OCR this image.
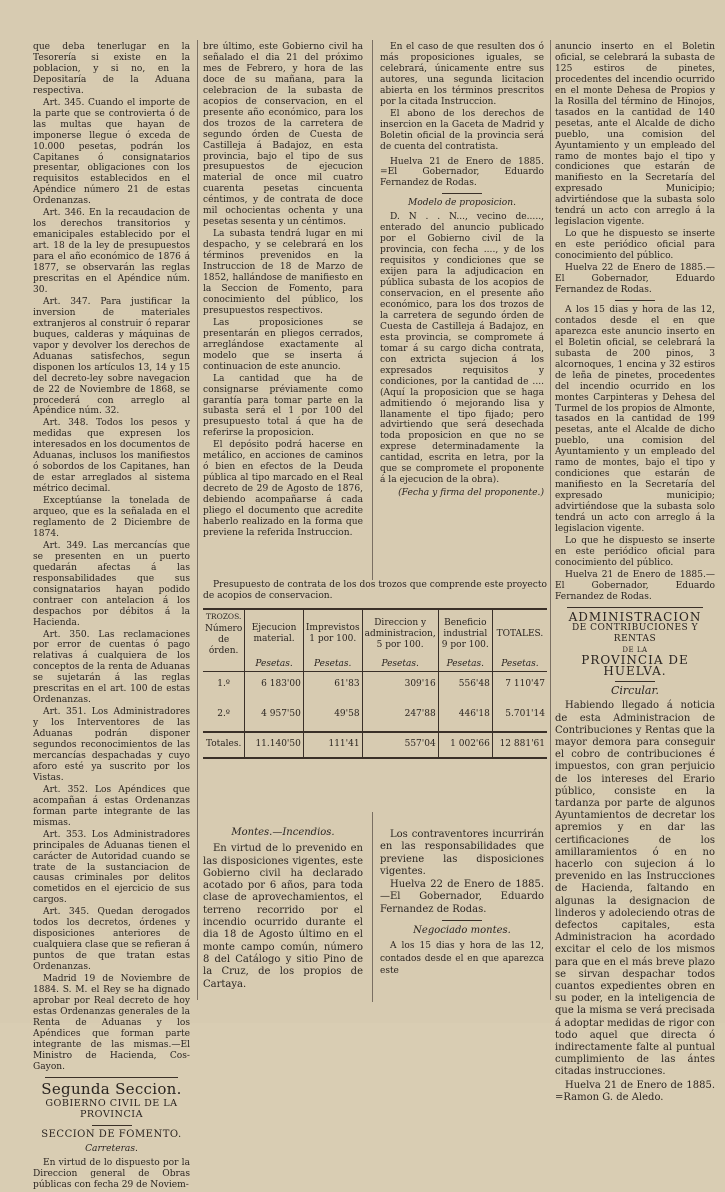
que deba tenerlugar en la Tesorería si existe en la poblacion, y si no, en la Depositaría de la Aduana respectiva.

Art. 345. Cuando el importe de la parte que se controvierta ó de las multas que hayan de imponerse llegue ó exceda de 10.000 pesetas, podrán los Capitanes ó consignatarios presentar, obligaciones con los requisitos establecidos en el Apéndice número 21 de estas Ordenanzas.

Art. 346. En la recaudacion de los derechos transitorios y emanicipales establecido por el art. 18 de la ley de presupuestos para el año económico de 1876 á 1877, se observarán las reglas prescritas en el Apéndice núm. 30.

Art. 347. Para justificar la inversion de materiales extranjeros al construir ó reparar buques, calderas y máquinas de vapor y devolver los derechos de Aduanas satisfechos, segun disponen los artículos 13, 14 y 15 del decreto-ley sobre navegacion de 22 de Noviembre de 1868, se procederá con arreglo al Apéndice núm. 32.

Art. 348. Todos los pesos y medidas que expresen los interesados en los documentos de Aduanas, inclusos los manifiestos ó sobordos de los Capitanes, han de estar arreglados al sistema métrico decimal.

Exceptúanse la tonelada de arqueo, que es la señalada en el reglamento de 2 Diciembre de 1874.

Art. 349. Las mercancías que se presenten en un puerto quedarán afectas á las responsabilidades que sus consignatarios hayan podido contraer con antelacion á los despachos por débitos á la Hacienda.

Art. 350. Las reclamaciones por error de cuentas ó pago relativas á cualquiera de los conceptos de la renta de Aduanas se sujetarán á las reglas prescritas en el art. 100 de estas Ordenanzas.

Art. 351. Los Administradores y los Interventores de las Aduanas podrán disponer segundos reconocimientos de las mercancías despachadas y cuyo aforo esté ya suscrito por los Vistas.

Art. 352. Los Apéndices que acompañan á estas Ordenanzas forman parte integrante de las mismas.

Art. 353. Los Administradores principales de Aduanas tienen el carácter de Autoridad cuando se trate de la sustanciacion de causas criminales por delitos cometidos en el ejercicio de sus cargos.

Art. 345. Quedan derogados todos los decretos, órdenes y disposiciones anteriores de cualquiera clase que se refieran á puntos de que tratan estas Ordenanzas.

Madrid 19 de Noviembre de 1884. S. M. el Rey se ha dignado aprobar por Real decreto de hoy estas Ordenanzas generales de la Renta de Aduanas y los Apéndices que forman parte integrante de las mismas.—El Ministro de Hacienda, Cos-Gayon.

Segunda Seccion.
GOBIERNO CIVIL DE LA PROVINCIA
SECCION DE FOMENTO.
Carreteras.

En virtud de lo dispuesto por la Direccion general de Obras públicas con fecha 29 de Noviem-

bre último, este Gobierno civil ha señalado el dia 21 del próximo mes de Febrero, y hora de las doce de su mañana, para la celebracion de la subasta de acopios de conservacion, en el presente año económico, para los dos trozos de la carretera de segundo órden de Cuesta de Castilleja á Badajoz, en esta provincia, bajo el tipo de sus presupuestos de ejecucion material de once mil cuatro cuarenta pesetas cincuenta céntimos, y de contrata de doce mil ochocientas ochenta y una pesetas sesenta y un céntimos.

La subasta tendrá lugar en mi despacho, y se celebrará en los términos prevenidos en la Instruccion de 18 de Marzo de 1852, hallándose de manifiesto en la Seccion de Fomento, para conocimiento del público, los presupuestos respectivos.

Las proposiciones se presentarán en pliegos cerrados, arreglándose exactamente al modelo que se inserta á continuacion de este anuncio.

La cantidad que ha de consignarse préviamente como garantía para tomar parte en la subasta será el 1 por 100 del presupuesto total á que ha de referirse la proposicion.

El depósito podrá hacerse en metálico, en acciones de caminos ó bien en efectos de la Deuda pública al tipo marcado en el Real decreto de 29 de Agosto de 1876, debiendo acompañarse á cada pliego el documento que acredite haberlo realizado en la forma que previene la referida Instruccion.

En el caso de que resulten dos ó más proposiciones iguales, se celebrará, únicamente entre sus autores, una segunda licitacion abierta en los términos prescritos por la citada Instruccion.

El abono de los derechos de insercion en la Gaceta de Madrid y Boletin oficial de la provincia será de cuenta del contratista.

Huelva 21 de Enero de 1885. =El Gobernador, Eduardo Fernandez de Rodas.

Modelo de proposicion.

D. N . . N..., vecino de....., enterado del anuncio publicado por el Gobierno civil de la provincia, con fecha ...., y de los requisitos y condiciones que se exijen para la adjudicacion en pública subasta de los acopios de conservacion, en el presente año económico, para los dos trozos de la carretera de segundo órden de Cuesta de Castilleja á Badajoz, en esta provincia, se compromete á tomar á su cargo dicha contrata, con extricta sujecion á los expresados requisitos y condiciones, por la cantidad de .... (Aquí la proposicion que se haga admitiendo ó mejorando lisa y llanamente el tipo fijado; pero advirtiendo que será desechada toda proposicion en que no se exprese determinadamente la cantidad, escrita en letra, por la que se compromete el proponente á la ejecucion de la obra).

(Fecha y firma del proponente.)

anuncio inserto en el Boletin oficial, se celebrará la subasta de 125 estiros de pinetes, procedentes del incendio ocurrido en el monte Dehesa de Propios y la Rosilla del término de Hinojos, tasados en la cantidad de 140 pesetas, ante el Alcalde de dicho pueblo, una comision del Ayuntamiento y un empleado del ramo de montes bajo el tipo y condiciones que estarán de manifiesto en la Secretaría del expresado Municipio; advirtiéndose que la subasta solo tendrá un acto con arreglo á la legislacion vigente.

Lo que he dispuesto se inserte en este periódico oficial para conocimiento del público.

Huelva 22 de Enero de 1885.— El Gobernador, Eduardo Fernandez de Rodas.

A los 15 dias y hora de las 12, contados desde el en que aparezca este anuncio inserto en el Boletin oficial, se celebrará la subasta de 200 pinos, 3 alcornoques, 1 encina y 32 estiros de leña de pinetes, procedentes del incendio ocurrido en los montes Carpinteras y Dehesa del Turmel de los propios de Almonte, tasados en la cantidad de 199 pesetas, ante el Alcalde de dicho pueblo, una comision del Ayuntamiento y un empleado del ramo de montes, bajo el tipo y condiciones que estarán de manifiesto en la Secretaría del expresado municipio; advirtiéndose que la subasta solo tendrá un acto con arreglo á la legislacion vigente.

Lo que he dispuesto se inserte en este periódico oficial para conocimiento del público.

Huelva 21 de Enero de 1885.—El Gobernador, Eduardo Fernandez de Rodas.

ADMINISTRACION
DE CONTRIBUCIONES Y RENTAS
DE LA
PROVINCIA DE HUELVA.
Circular.

Habiendo llegado á noticia de esta Administracion de Contribuciones y Rentas que la mayor demora para conseguir el cobro de contribuciones é impuestos, con gran perjuicio de los intereses del Erario público, consiste en la tardanza por parte de algunos Ayuntamientos de decretar los apremios y en dar las certificaciones de los amillaramientos ó en no hacerlo con sujecion á lo prevenido en las Instrucciones de Hacienda, faltando en algunas la designacion de linderos y adoleciendo otras de defectos capitales, esta Administracion ha acordado excitar el celo de los mismos para que en el más breve plazo se sirvan despachar todos cuantos expedientes obren en su poder, en la inteligencia de que la misma se verá precisada á adoptar medidas de rigor con todo aquel que directa ó indirectamente falte al puntual cumplimiento de las ántes citadas instrucciones.

Huelva 21 de Enero de 1885. =Ramon G. de Aledo.

Presupuesto de contrata de los dos trozos que comprende este proyecto de acopios de conservacion.
TROZOS.	Ejecucion material.	Imprevistos 1 por 100.	Direccion y administracion, 5 por 100.	Beneficio industrial 9 por 100.	TOTALES.
Número de órden.					
	Pesetas.	Pesetas.	Pesetas.	Pesetas.	Pesetas.
1.º	6 183'00	61'83	309'16	556'48	7 110'47
2.º	4 957'50	49'58	247'88	446'18	5.701'14
Totales.	11.140'50	111'41	557'04	1 002'66	12 881'61
Montes.—Incendios.

En virtud de lo prevenido en las disposiciones vigentes, este Gobierno civil ha declarado acotado por 6 años, para toda clase de aprovechamientos, el terreno recorrido por el incendio ocurrido durante el dia 18 de Agosto último en el monte campo común, número 8 del Catálogo y sitio Pino de la Cruz, de los propios de Cartaya.

Los contraventores incurrirán en las responsabilidades que previene las disposiciones vigentes.

Huelva 22 de Enero de 1885. —El Gobernador, Eduardo Fernandez de Rodas.

Negociado montes.

A los 15 dias y hora de las 12, contados desde el en que aparezca este
